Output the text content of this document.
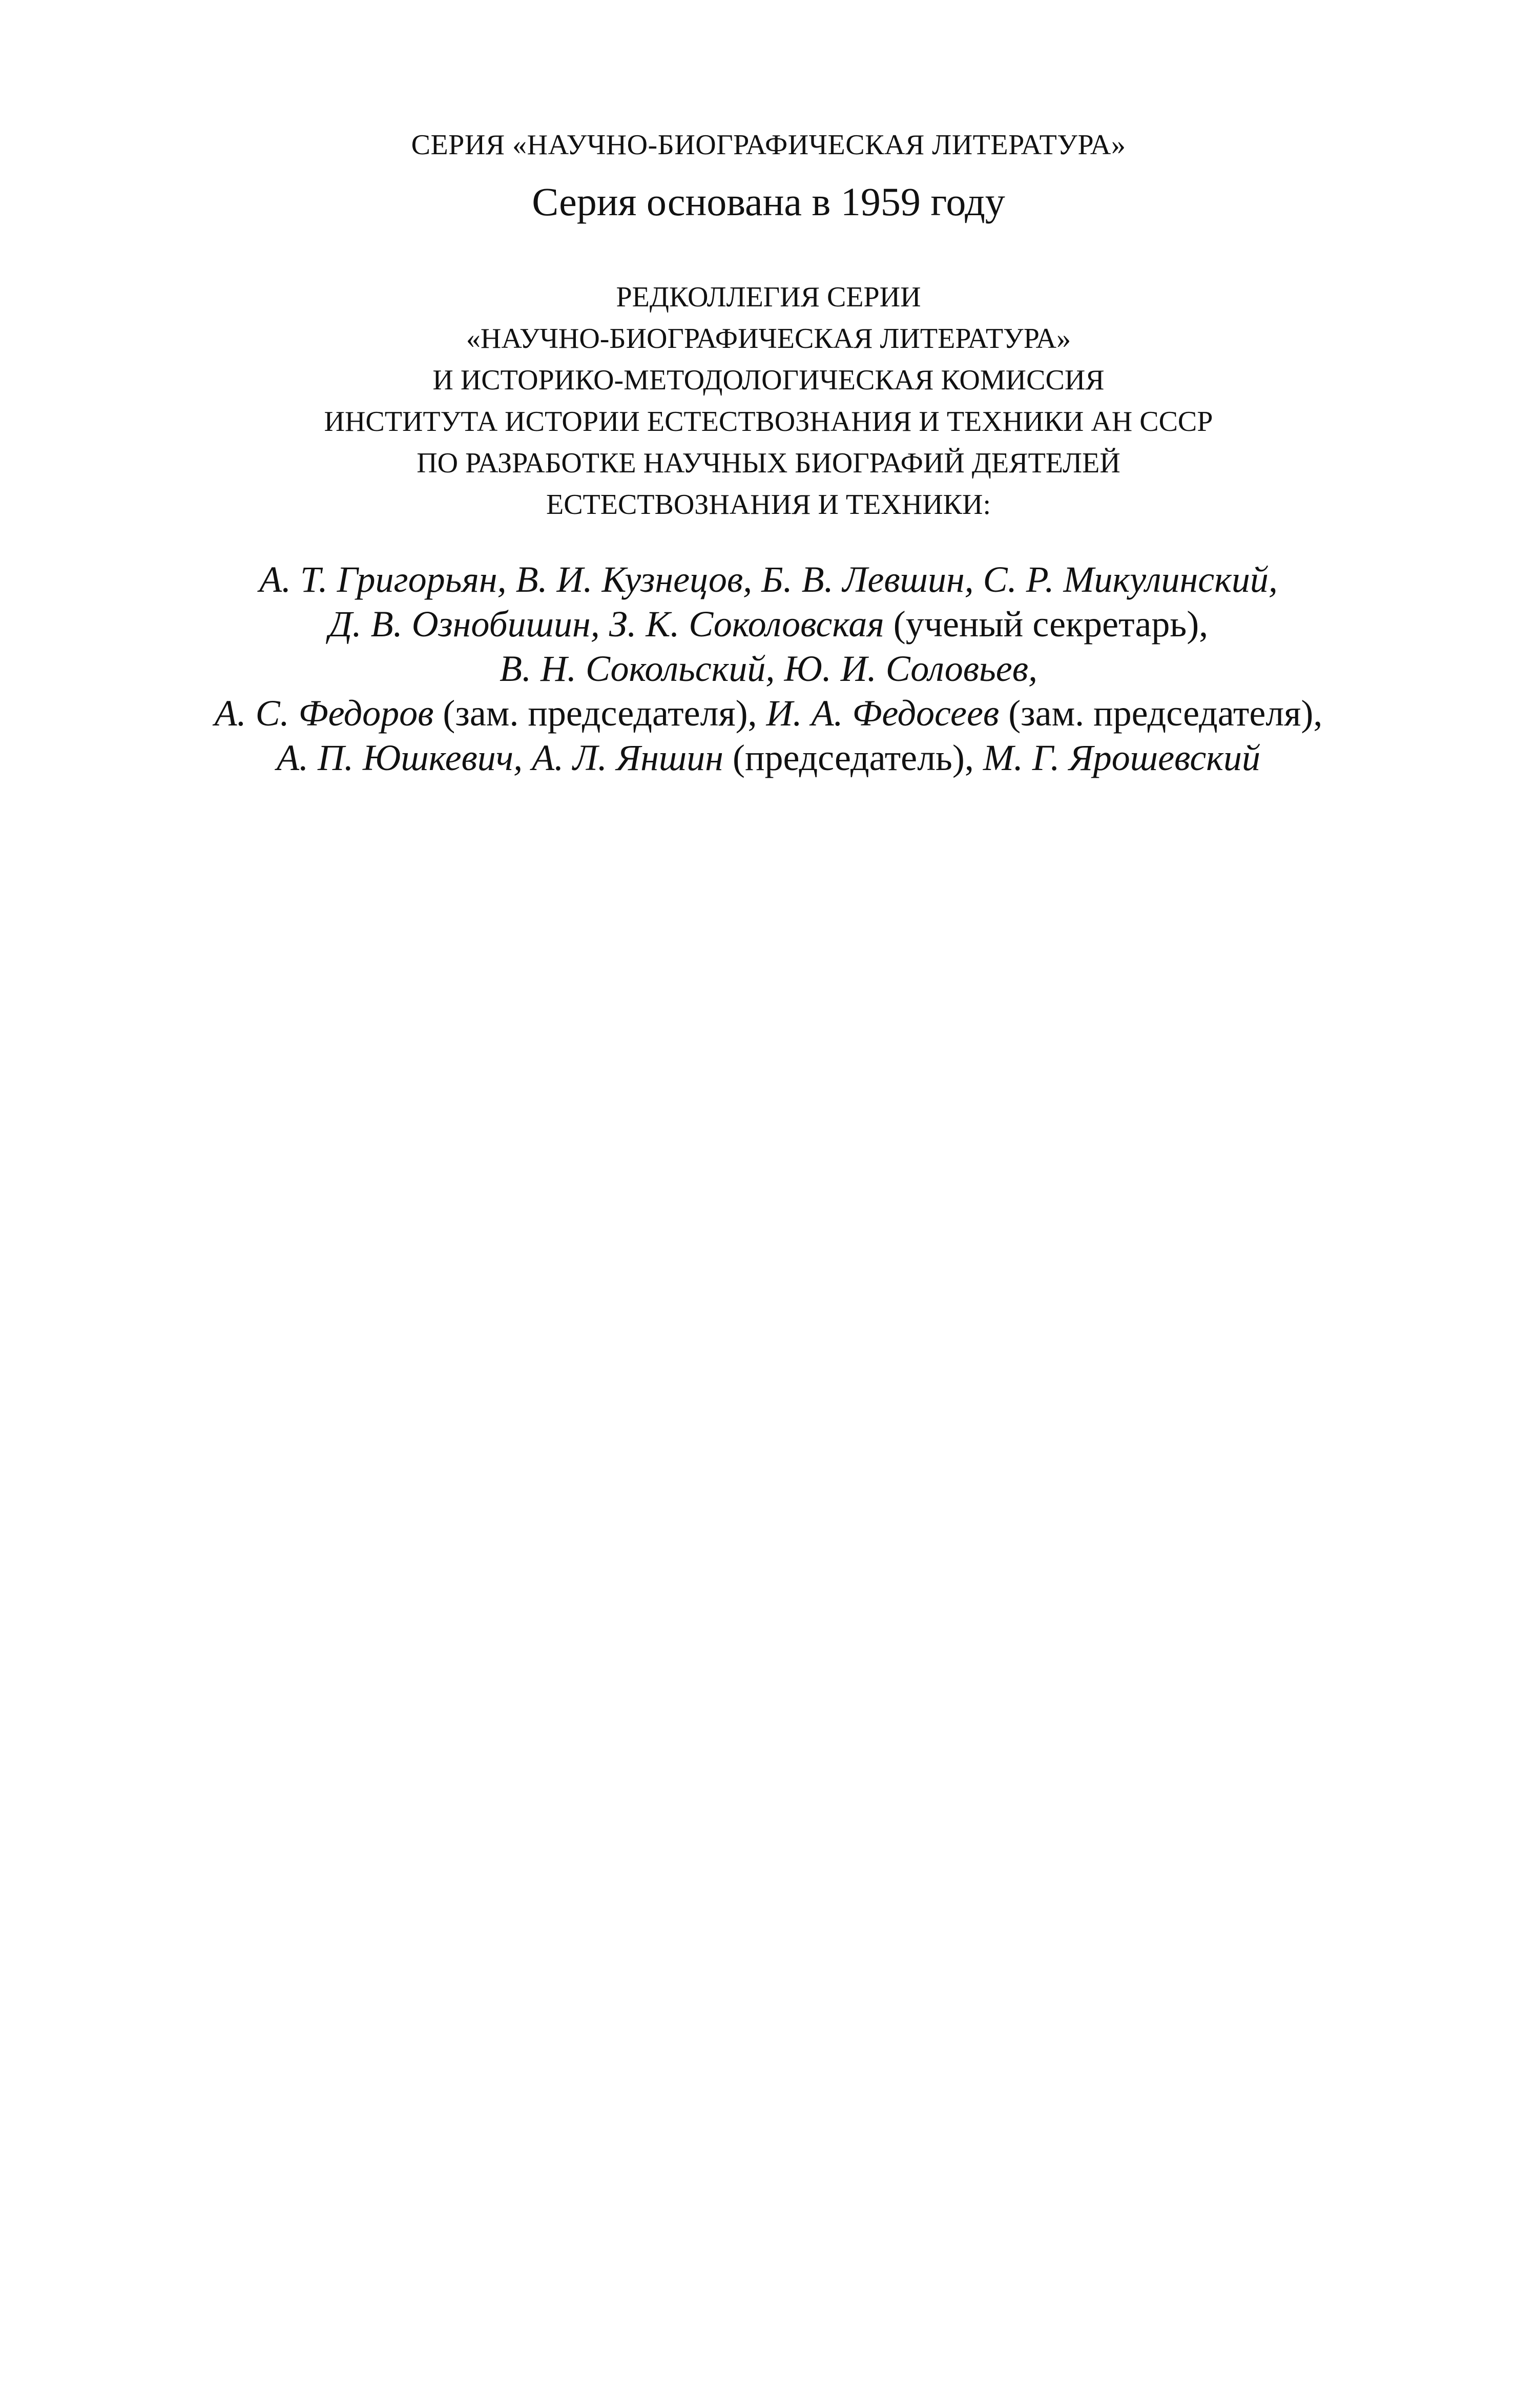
СЕРИЯ «НАУЧНО-БИОГРАФИЧЕСКАЯ ЛИТЕРАТУРА»
Серия основана в 1959 году
РЕДКОЛЛЕГИЯ СЕРИИ
«НАУЧНО-БИОГРАФИЧЕСКАЯ ЛИТЕРАТУРА»
И ИСТОРИКО-МЕТОДОЛОГИЧЕСКАЯ КОМИССИЯ
ИНСТИТУТА ИСТОРИИ ЕСТЕСТВОЗНАНИЯ И ТЕХНИКИ АН СССР
ПО РАЗРАБОТКЕ НАУЧНЫХ БИОГРАФИЙ ДЕЯТЕЛЕЙ
ЕСТЕСТВОЗНАНИЯ И ТЕХНИКИ:
А. Т. Григорьян, В. И. Кузнецов, Б. В. Левшин, С. Р. Микулинский,
Д. В. Ознобишин, З. К. Соколовская (ученый секретарь),
В. Н. Сокольский, Ю. И. Соловьев,
А. С. Федоров (зам. председателя), И. А. Федосеев (зам. председателя),
А. П. Юшкевич, А. Л. Яншин (председатель), М. Г. Ярошевский
